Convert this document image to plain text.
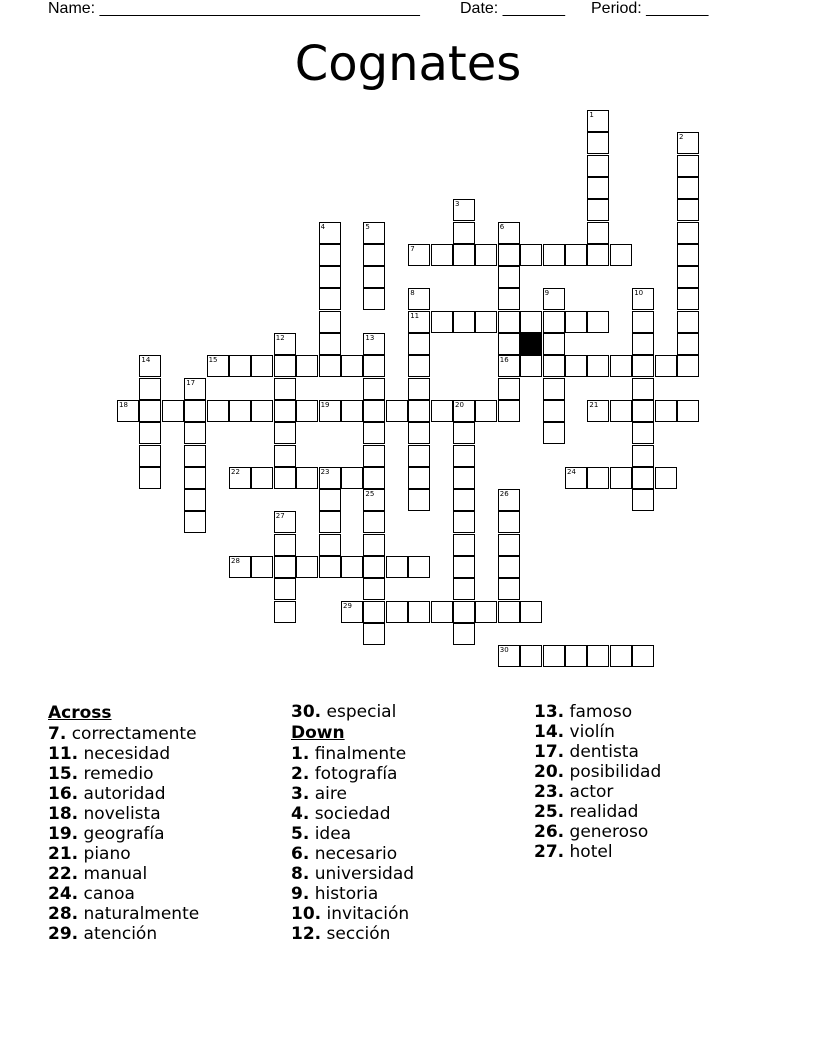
Name: ____________________________________	Date: _______ Period: _______
Cognates
7
11
15	16
18	19	20	21
22	23	24
28
29
30
1
2
3
4	5	6
8	9	10
12	13
14
17
25	26
27
Across
7. correctamente
11. necesidad
15. remedio
16. autoridad
18. novelista
19. geografía
21. piano
22. manual
24. canoa
28. naturalmente
29. atención
30. especial
Down
1. finalmente
2. fotografía
3. aire
4. sociedad
5. idea
6. necesario
8. universidad
9. historia
10. invitación
12. sección
13. famoso
14. violín
17. dentista
20. posibilidad
23. actor
25. realidad
26. generoso
27. hotel
